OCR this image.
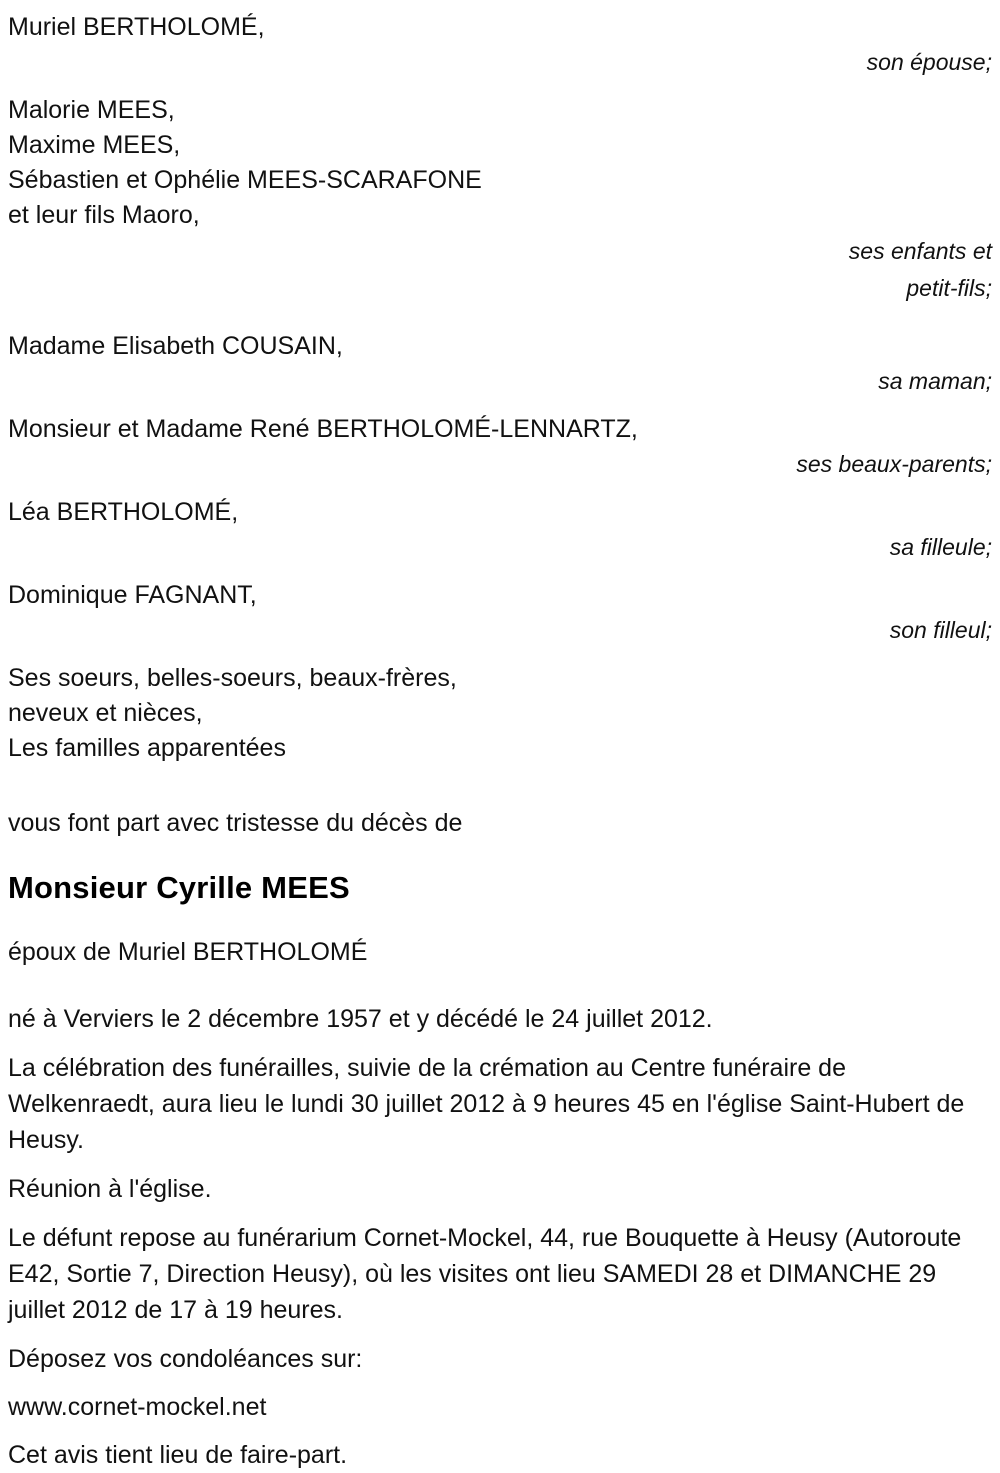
Muriel BERTHOLOMÉ,
son épouse;
Malorie MEES,
Maxime MEES,
Sébastien et Ophélie MEES-SCARAFONE
et leur fils Maoro,
ses enfants et
petit-fils;
Madame Elisabeth COUSAIN,
sa maman;
Monsieur et Madame René BERTHOLOMÉ-LENNARTZ,
ses beaux-parents;
Léa BERTHOLOMÉ,
sa filleule;
Dominique FAGNANT,
son filleul;
Ses soeurs, belles-soeurs, beaux-frères,
neveux et nièces,
Les familles apparentées
vous font part avec tristesse du décès de
Monsieur Cyrille MEES
époux de Muriel BERTHOLOMÉ
né à Verviers le 2 décembre 1957 et y décédé le 24 juillet 2012.
La célébration des funérailles, suivie de la crémation au Centre funéraire de Welkenraedt, aura lieu le lundi 30 juillet 2012 à 9 heures 45 en l'église Saint-Hubert de Heusy.
Réunion à l'église.
Le défunt repose au funérarium Cornet-Mockel, 44, rue Bouquette à Heusy (Autoroute E42, Sortie 7, Direction Heusy), où les visites ont lieu SAMEDI 28 et DIMANCHE 29 juillet 2012 de 17 à 19 heures.
Déposez vos condoléances sur:
www.cornet-mockel.net
Cet avis tient lieu de faire-part.
